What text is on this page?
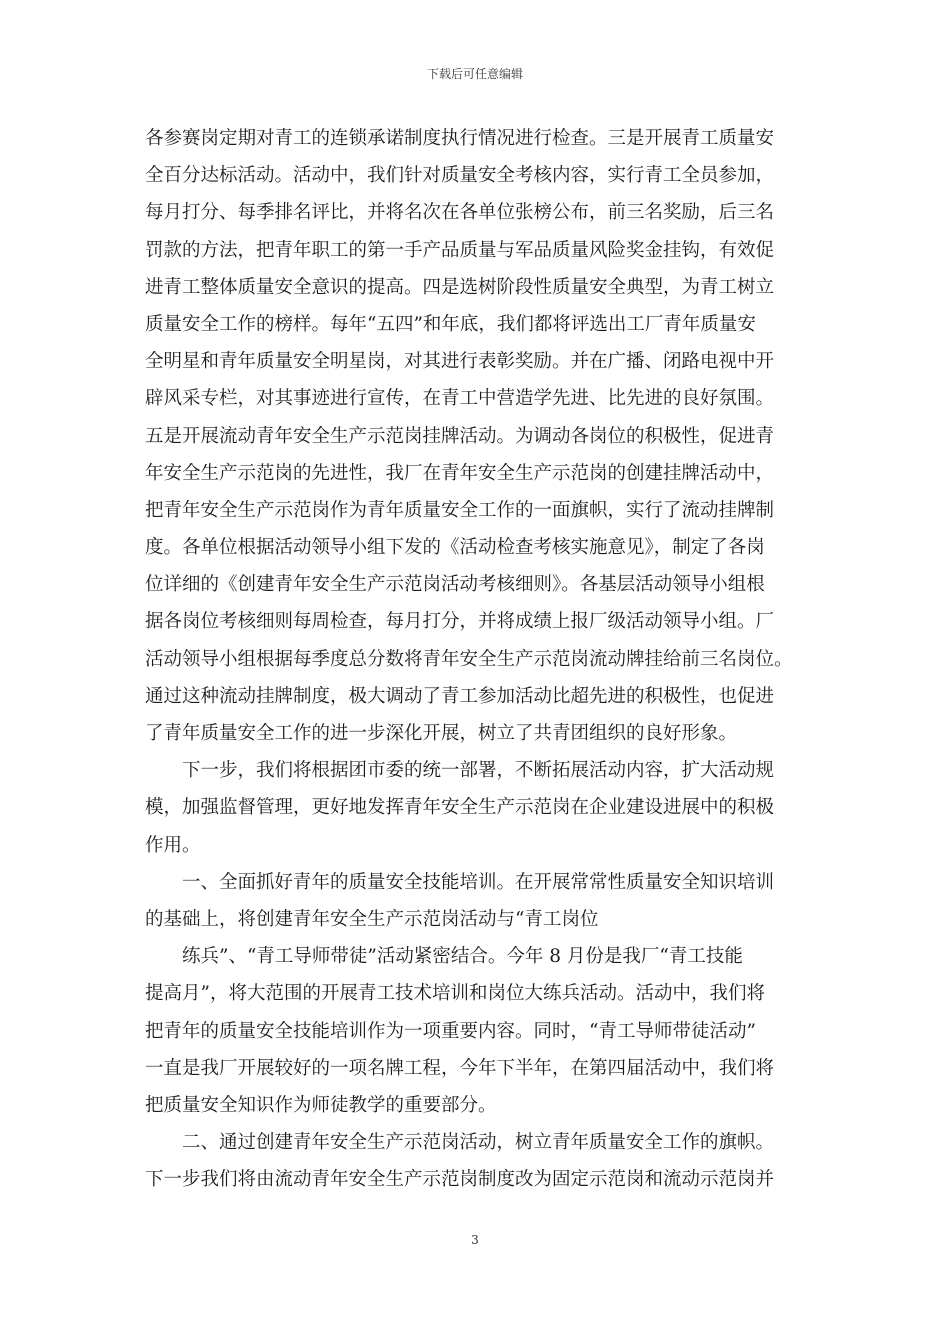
下载后可任意编辑
各参赛岗定期对青工的连锁承诺制度执行情况进行检查。三是开展青工质量安
全百分达标活动。活动中，我们针对质量安全考核内容，实行青工全员参加，
每月打分、每季排名评比，并将名次在各单位张榜公布，前三名奖励，后三名
罚款的方法，把青年职工的第一手产品质量与军品质量风险奖金挂钩，有效促
进青工整体质量安全意识的提高。四是选树阶段性质量安全典型，为青工树立
质量安全工作的榜样。每年“五四”和年底，我们都将评选出工厂青年质量安
全明星和青年质量安全明星岗，对其进行表彰奖励。并在广播、闭路电视中开
辟风采专栏，对其事迹进行宣传，在青工中营造学先进、比先进的良好氛围。
五是开展流动青年安全生产示范岗挂牌活动。为调动各岗位的积极性，促进青
年安全生产示范岗的先进性，我厂在青年安全生产示范岗的创建挂牌活动中，
把青年安全生产示范岗作为青年质量安全工作的一面旗帜，实行了流动挂牌制
度。各单位根据活动领导小组下发的《活动检查考核实施意见》，制定了各岗
位详细的《创建青年安全生产示范岗活动考核细则》。各基层活动领导小组根
据各岗位考核细则每周检查，每月打分，并将成绩上报厂级活动领导小组。厂
活动领导小组根据每季度总分数将青年安全生产示范岗流动牌挂给前三名岗位。
通过这种流动挂牌制度，极大调动了青工参加活动比超先进的积极性，也促进
了青年质量安全工作的进一步深化开展，树立了共青团组织的良好形象。
　　下一步，我们将根据团市委的统一部署，不断拓展活动内容，扩大活动规
模，加强监督管理，更好地发挥青年安全生产示范岗在企业建设进展中的积极
作用。
　　一、全面抓好青年的质量安全技能培训。在开展常常性质量安全知识培训
的基础上，将创建青年安全生产示范岗活动与“青工岗位
　　练兵”、“青工导师带徒”活动紧密结合。今年 8 月份是我厂“青工技能
提高月”，将大范围的开展青工技术培训和岗位大练兵活动。活动中，我们将
把青年的质量安全技能培训作为一项重要内容。同时，“青工导师带徒活动”
一直是我厂开展较好的一项名牌工程，今年下半年，在第四届活动中，我们将
把质量安全知识作为师徒教学的重要部分。
　　二、通过创建青年安全生产示范岗活动，树立青年质量安全工作的旗帜。
下一步我们将由流动青年安全生产示范岗制度改为固定示范岗和流动示范岗并
3
